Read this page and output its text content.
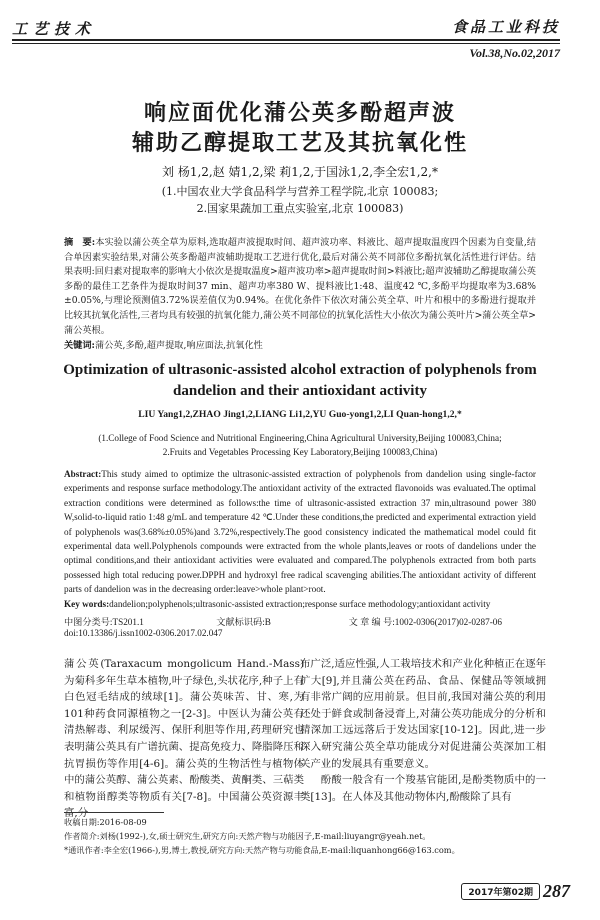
工艺技术	食品工业科技
Vol.38,No.02,2017
响应面优化蒲公英多酚超声波
辅助乙醇提取工艺及其抗氧化性
刘 杨1,2,赵 婧1,2,梁 莉1,2,于国泳1,2,李全宏1,2,*
(1.中国农业大学食品科学与营养工程学院,北京 100083;
2.国家果蔬加工重点实验室,北京 100083)
摘　要:本实验以蒲公英全草为原料,选取超声波提取时间、超声波功率、料液比、超声提取温度四个因素为自变量,结合单因素实验结果,对蒲公英多酚超声波辅助提取工艺进行优化,最后对蒲公英不同部位多酚抗氧化活性进行评估。结果表明:回归素对提取率的影响大小依次是提取温度>超声波功率>超声提取时间>料液比;超声波辅助乙醇提取蒲公英多酚的最佳工艺条件为提取时间37 min、超声功率380 W、提料液比1:48、温度42 ℃,多酚平均提取率为3.68%±0.05%,与理论预测值3.72%误差值仅为0.94%。在优化条件下依次对蒲公英全草、叶片和根中的多酚进行提取并比较其抗氧化活性,三者均具有较强的抗氧化能力,蒲公英不同部位的抗氧化活性大小依次为蒲公英叶片>蒲公英全草>蒲公英根。
关键词:蒲公英,多酚,超声提取,响应面法,抗氧化性
Optimization of ultrasonic-assisted alcohol extraction of polyphenols from dandelion and their antioxidant activity
LIU Yang1,2,ZHAO Jing1,2,LIANG Li1,2,YU Guo-yong1,2,LI Quan-hong1,2,*
(1.College of Food Science and Nutritional Engineering,China Agricultural University,Beijing 100083,China;
2.Fruits and Vegetables Processing Key Laboratory,Beijing 100083,China)
Abstract:This study aimed to optimize the ultrasonic-assisted extraction of polyphenols from dandelion using single-factor experiments and response surface methodology.The antioxidant activity of the extracted flavonoids was evaluated.The optimal extraction conditions were determined as follows:the time of ultrasonic-assisted extraction 37 min,ultrasound power 380 W,solid-to-liquid ratio 1:48 g/mL and temperature 42 ℃.Under these conditions,the predicted and experimental extraction yield of polyphenols was(3.68%±0.05%)and 3.72%,respectively.The good consistency indicated the mathematical model could fit experimental data well.Polyphenols compounds were extracted from the whole plants,leaves or roots of dandelions under the optimal conditions,and their antioxidant activities were evaluated and compared.The polyphenols extracted from both parts possessed high total reducing power.DPPH and hydroxyl free radical scavenging abilities.The antioxidant activity of different parts of dandelion was in the decreasing order:leave>whole plant>root.
Key words:dandelion;polyphenols;ultrasonic-assisted extraction;response surface methodology;antioxidant activity
中图分类号:TS201.1	文献标识码:B	文 章 编 号:1002-0306(2017)02-0287-06
doi:10.13386/j.issn1002-0306.2017.02.047
蒲公英(Taraxacum mongolicum Hand.-Mass)为菊科多年生草本植物,叶子绿色,头状花序,种子上有白色冠毛结成的绒球[1]。蒲公英味苦、甘、寒,为101种药食同源植物之一[2-3]。中医认为蒲公英有清热解毒、利尿缓泻、保肝利胆等作用,药理研究也表明蒲公英具有广谱抗菌、提高免疫力、降脂降压和抗胃损伤等作用[4-6]。蒲公英的生物活性与植物体中的蒲公英醇、蒲公英素、酚酸类、黄酮类、三萜类和植物甾醇类等物质有关[7-8]。中国蒲公英资源丰富,分
布广泛,适应性强,人工栽培技术和产业化种植正在逐年扩大[9],并且蒲公英在药品、食品、保健品等领域拥有非常广阔的应用前景。但目前,我国对蒲公英的利用还处于鲜食或制备浸膏上,对蒲公英功能成分的分析和精深加工远远落后于发达国家[10-12]。因此,进一步深入研究蒲公英全草功能成分对促进蒲公英深加工相关产业的发展具有重要意义。
酚酸一般含有一个羧基官能团,是酚类物质中的一类[13]。在人体及其他动物体内,酚酸除了具有
收稿日期:2016-08-09
作者简介:刘杨(1992-),女,硕士研究生,研究方向:天然产物与功能因子,E-mail:liuyangr@yeah.net。
*通讯作者:李全宏(1966-),男,博士,教授,研究方向:天然产物与功能食品,E-mail:liquanhong66@163.com。
2017年第02期 287
